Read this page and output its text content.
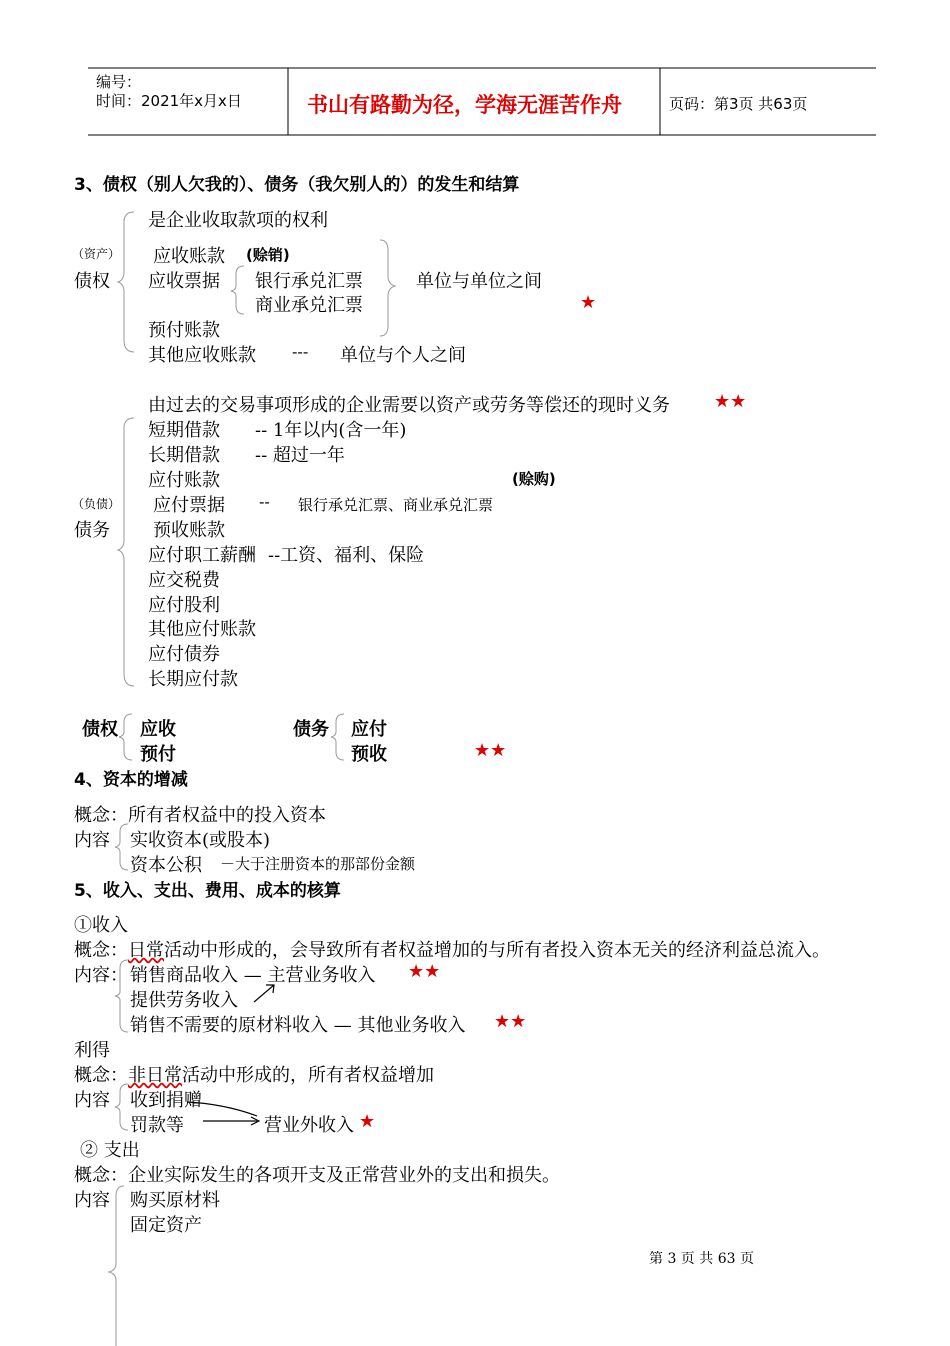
编号：
时间：2021年x月x日	书山有路勤为径，学海无涯苦作舟	页码：第3页 共63页
3、债权（别人欠我的）、债务（我欠别人的）的发生和结算
是企业收取款项的权利
（资产）
债权
应收账款 (赊销)
应收票据 银行承兑汇票
商业承兑汇票
单位与单位之间
★
预付账款
其他应收账款 --- 单位与个人之间
由过去的交易事项形成的企业需要以资产或劳务等偿还的现时义务 ★★
短期借款 -- 1年以内(含一年)
长期借款 -- 超过一年
应付账款	(赊购)
（负债） 应付票据 -- 银行承兑汇票、商业承兑汇票
债务 预收账款
应付职工薪酬 --工资、福利、保险
应交税费
应付股利
其他应付账款
应付债券
长期应付款
债权 应收
预付
债务 应付
预收	★★
4、资本的增减
概念：所有者权益中的投入资本
内容 实收资本(或股本)
资本公积 －大于注册资本的那部份金额
5、收入、支出、费用、成本的核算
①收入
概念：日常活动中形成的，会导致所有者权益增加的与所有者投入资本无关的经济利益总流入。
内容： 销售商品收入 — 主营业务收入 ★★
提供劳务收入
销售不需要的原材料收入 — 其他业务收入 ★★
利得
概念：非日常活动中形成的，所有者权益增加
内容 收到捐赠
罚款等	营业外收入 ★
② 支出
概念：企业实际发生的各项开支及正常营业外的支出和损失。
内容 购买原材料
固定资产
第 3 页 共 63 页
